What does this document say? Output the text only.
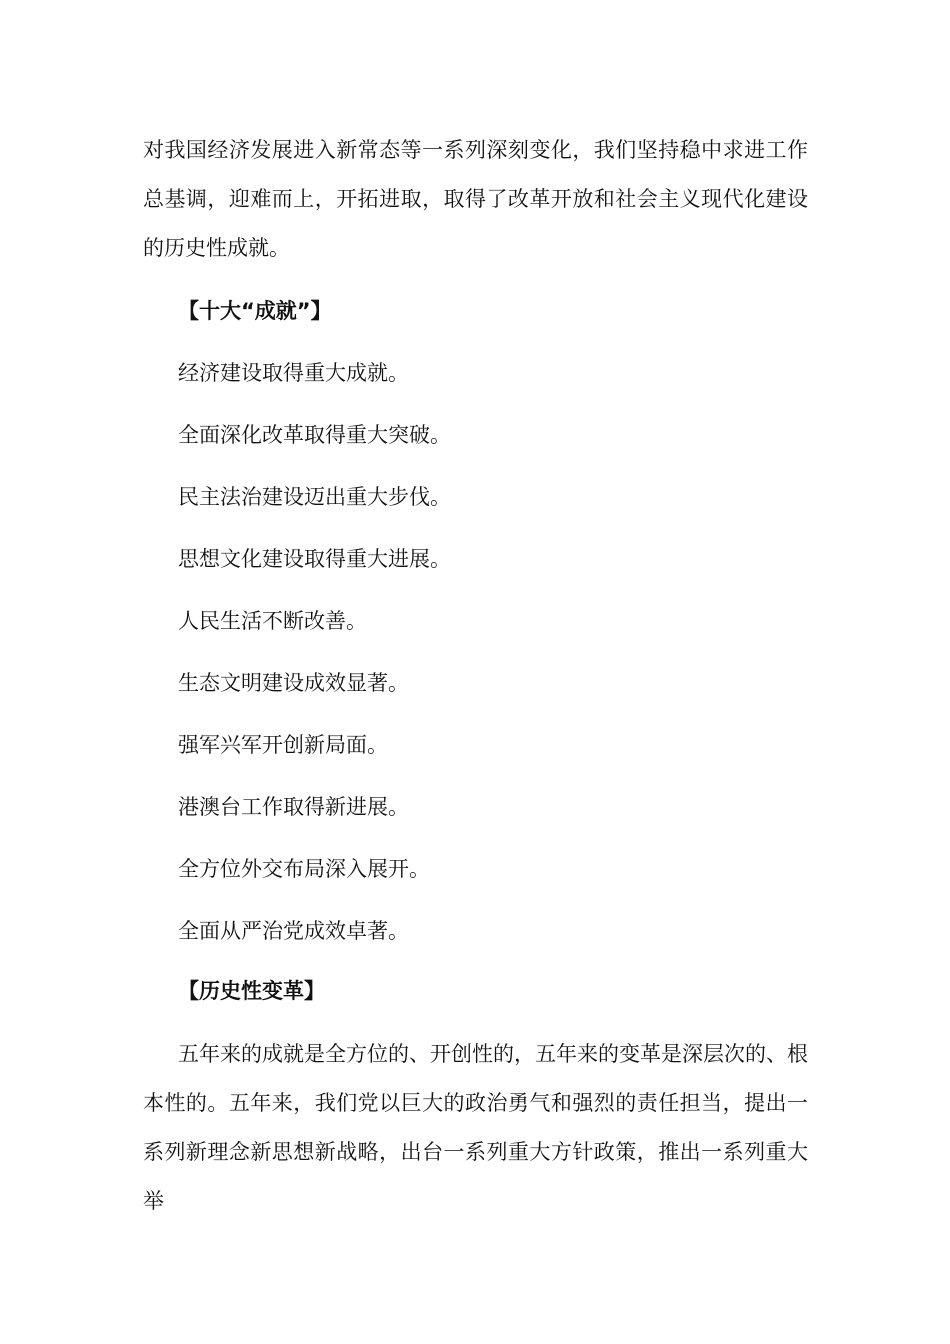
对我国经济发展进入新常态等一系列深刻变化，我们坚持稳中求进工作总基调，迎难而上，开拓进取，取得了改革开放和社会主义现代化建设的历史性成就。

【十大“成就”】

经济建设取得重大成就。

全面深化改革取得重大突破。

民主法治建设迈出重大步伐。

思想文化建设取得重大进展。

人民生活不断改善。

生态文明建设成效显著。

强军兴军开创新局面。

港澳台工作取得新进展。

全方位外交布局深入展开。

全面从严治党成效卓著。

【历史性变革】

五年来的成就是全方位的、开创性的，五年来的变革是深层次的、根本性的。五年来，我们党以巨大的政治勇气和强烈的责任担当，提出一系列新理念新思想新战略，出台一系列重大方针政策，推出一系列重大举
